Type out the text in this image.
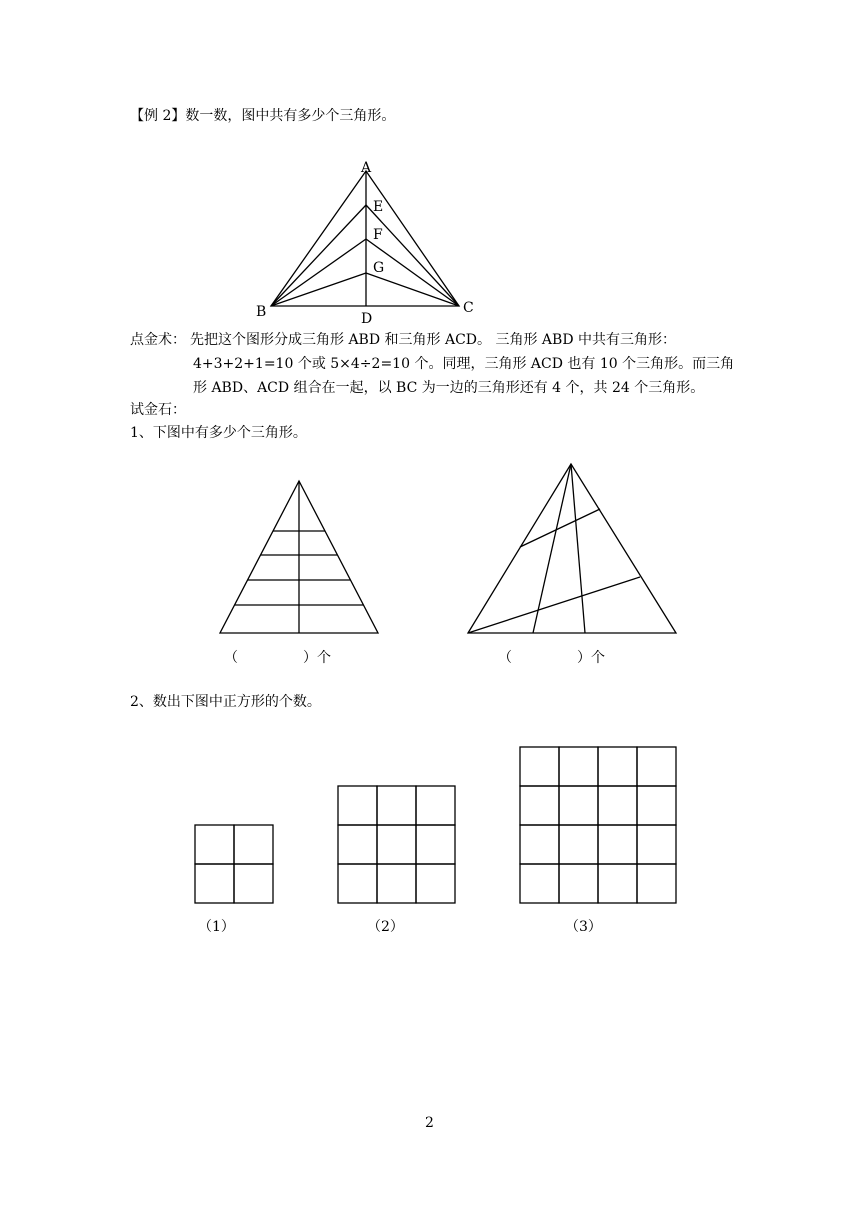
【例 2】数一数，图中共有多少个三角形。
A
E
F
G
B	C
D
点金术： 先把这个图形分成三角形 ABD 和三角形 ACD。 三角形 ABD 中共有三角形：
4+3+2+1=10 个或 5×4÷2=10 个。同理，三角形 ACD 也有 10 个三角形。而三角
形 ABD、ACD 组合在一起，以 BC 为一边的三角形还有 4 个，共 24 个三角形。
试金石：
1、下图中有多少个三角形。
（	）个	（	）个
2、数出下图中正方形的个数。
（1）	（2）	（3）
2
